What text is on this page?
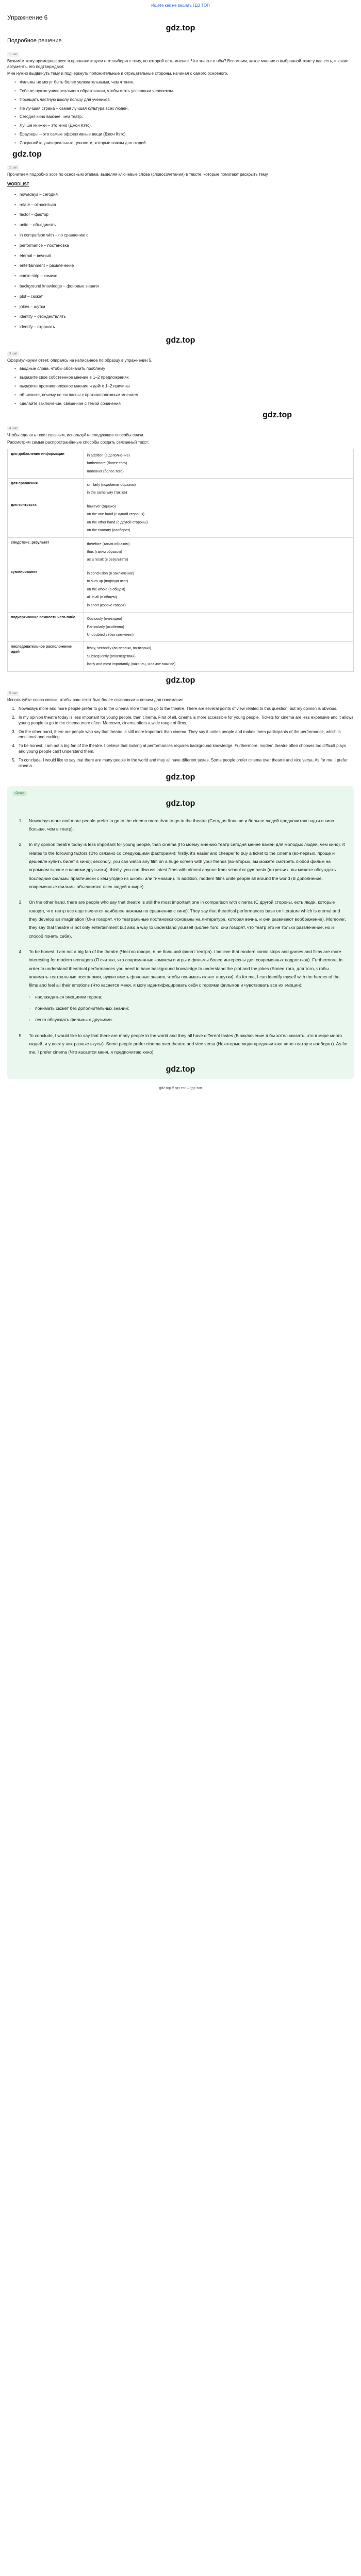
Ищете как не вешать ГДЗ ТОП
Упражнение 6
gdz.top
Подробное решение
1 шаг

Возьмём тему примерное эссе и проанализируем его: выберите тему, по которой есть мнение. Что знаете о нём? Вспомним, какое мнение о выбранной теме у вас есть, и какие аргументы его подтверждают.

Мне нужно выдвинуть тему и подчеркнуть положительные и отрицательные стороны, начиная с самого основного.

• Фильмы не могут быть более увлекательными, чем чтение.
• Тебе не нужно универсального образования, чтобы стать успешным человеком.
• Посещать частную школу пользу для учеников.
• Не лучшая страна – самая лучшая культура всех людей.
• Сегодня кино важнее, чем театр.
• Лучше книжки – это кино (Джон Кэтс).
• Браузеры – это самые эффективные вещи (Джон Кэтс).
• Сохраняйте универсальные ценности, которые важны для людей.
gdz.top
2 шаг

Прочитаем подробно эссе по основным этапам, выделяя ключевые слова (словосочетания) в тексте, которые помогают раскрыть тему.

WORDLIST
• nowadays – сегодня
• relate – относиться
• factor – фактор
• unite – объединять
• in comparison with – по сравнению с
• performance – постановка
• eternal – вечный
• entertainment – развлечение
• comic strip – комикс
• background knowledge – фоновые знания
• plot – сюжет
• jokes – шутки
• identify – отождествлять
• identify – отражать
gdz.top
3 шаг

Сформулируем ответ, опираясь на написанное по образцу в упражнении 5.

• вводные слова, чтобы обозначить проблему
• выразите свое собственное мнение в 1–2 предложениях
• выразите противоположное мнение и дайте 1–2 причины
• объясните, почему не согласны с противоположным мнением
• сделайте заключение, связанное с темой сочинения
gdz.top
4 шаг

Чтобы сделать текст связным, используйте следующие способы связи.

Рассмотрим самые распространённые способы создать связанный текст:

для добавления информации	in addition (в дополнение)
furthermore (более того)
moreover (более того)

для сравнения	similarly (подобным образом)
in the same way (так же)

для контраста	however (однако)
on the one hand (с одной стороны)
on the other hand (с другой стороны)
on the contrary (наоборот)

следствие, результат	therefore (таким образом)
thus (таким образом)
as a result (в результате)

суммирование	in conclusion (в заключение)
to sum up (подводя итог)
on the whole (в общем)
all in all (в общем)
in short (короче говоря)

подчёркивание важности чего-либо	Obviously (очевидно)
Particularly (особенно)
Undoubtedly (без сомнения)

последовательное расположение идей	firstly, secondly (во-первых, во-вторых)
Subsequently (впоследствии)
lastly and most importantly (наконец, и самое важное)
gdz.top
5 шаг

Используйте слова связки, чтобы ваш текст был более связанным и легким для понимания.

1. Nowadays more and more people prefer to go to the cinema more than to go to the theatre. There are several points of view related to this question, but my opinion is obvious.
2. In my opinion theatre today is less important for young people, than cinema. First of all, cinema is more accessible for young people. Tickets for cinema are less expensive and it allows young people to go to the cinema more often. Moreover, cinema offers a wide range of films.
3. On the other hand, there are people who say that theatre is still more important than cinema. They say it unites people and makes them participants of the performance, which is emotional and exciting.
4. To be honest, I am not a big fan of the theatre. I believe that looking at performances requires background knowledge. Furthermore, modern theatre often chooses too difficult plays and young people can't understand them.
5. To conclude, I would like to say that there are many people in the world and they all have different tastes. Some people prefer cinema over theatre and vice versa. As for me, I prefer cinema.
gdz.top
Ответ
gdz.top
1. Nowadays more and more people prefer to go to the cinema more than to go to the theatre (Сегодня больше и больше людей предпочитают идти в кино больше, чем в театр).
2. In my opinion theatre today is less important for young people, than cinema (По моему мнению театр сегодня менее важен для молодых людей, чем кино). It relates to the following factors (Это связано со следующими факторами): firstly, it's easier and cheaper to buy a ticket to the cinema (во-первых, проще и дешевле купить билет в кино); secondly, you can watch any film on a huge screen with your friends (во-вторых, вы можете смотреть любой фильм на огромном экране с вашими друзьями); thirdly, you can discuss latest films with almost anyone from school or gymnasia (в-третьих, вы можете обсуждать последние фильмы практически с кем угодно из школы или гимназии). In addition, modern films unite people all around the world (В дополнение, современные фильмы объединяют всех людей в мире).
3. On the other hand, there are people who say that theatre is still the most important one in comparison with cinema (С другой стороны, есть люди, которые говорят, что театр все еще является наиболее важным по сравнению с кино). They say that theatrical performances base on literature which is eternal and they develop an imagination (Они говорят, что театральные постановки основаны на литературе, которая вечна, и они развивают воображение). Moreover, they say that theatre is not only entertainment but also a way to understand yourself (Более того, они говорят, что театр это не только развлечение, но и способ понять себя).
4. To be honest, I am not a big fan of the theatre (Честно говоря, я не большой фанат театра). I believe that modern comic strips and games and films are more interesting for modern teenagers (Я считаю, что современные комиксы и игры и фильмы более интересны для современных подростков). Furthermore, in order to understand theatrical performances you need to have background knowledge to understand the plot and the jokes (Более того, для того, чтобы понимать театральные постановки, нужно иметь фоновые знания, чтобы понимать сюжет и шутки). As for me, I can identify myself with the heroes of the films and feel all their emotions (Что касается меня, я могу идентифицировать себя с героями фильмов и чувствовать все их эмоции):
◦ наслаждаться эмоциями героев;
◦ понимать сюжет без дополнительных знаний;
◦ легко обсуждать фильмы с друзьями.
5. To conclude, I would like to say that there are many people in the world and they all have different tastes (В заключение я бы хотел сказать, что в мире много людей, и у всех у них разные вкусы). Some people prefer cinema over theatre and vice versa (Некоторые люди предпочитают кино театру и наоборот). As for me, I prefer cinema (Что касается меня, я предпочитаю кино).
gdz.top
gdz.top // гдз топ // гдз топ
